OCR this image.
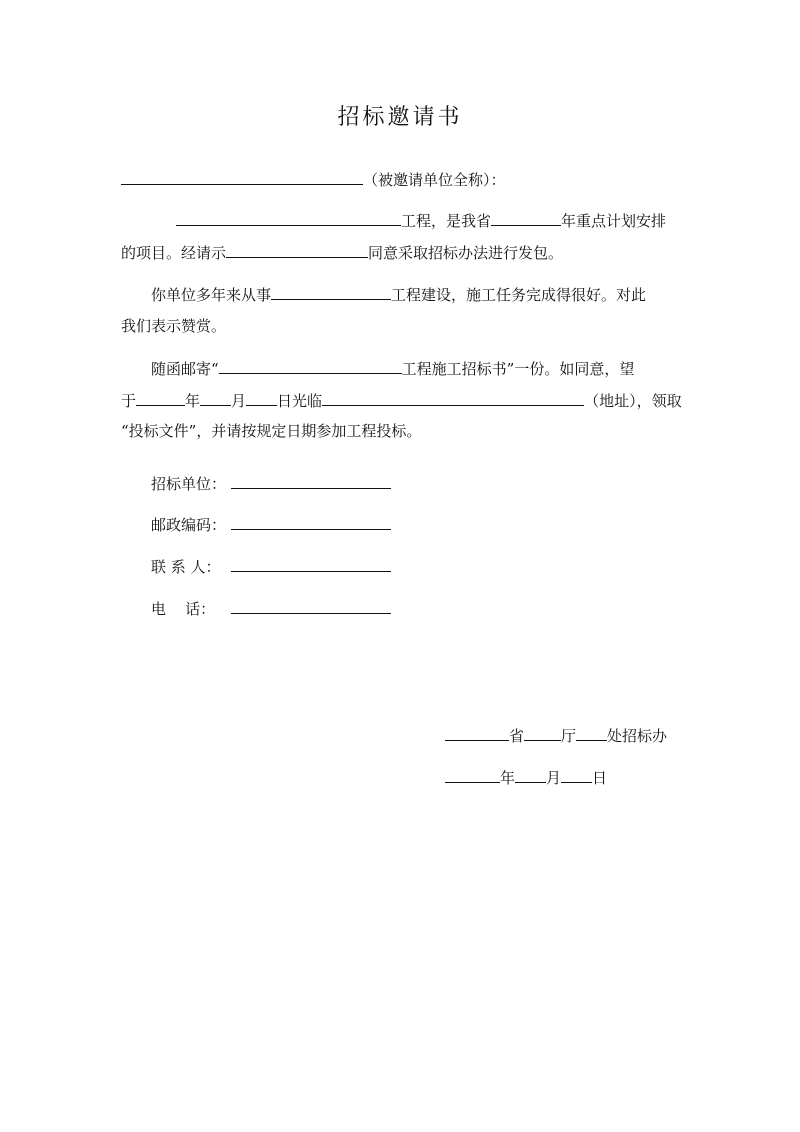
招标邀请书
（被邀请单位全称）：
工程，是我省	年重点计划安排
的项目。经请示	同意采取招标办法进行发包。
你单位多年来从事	工程建设，施工任务完成得很好。对此
我们表示赞赏。
随函邮寄“	工程施工招标书”一份。如同意，望
于	年 月 日光临	（地址），领取
“投标文件”，并请按规定日期参加工程投标。
招标单位：
邮政编码：
联 系 人：
电    话：
省 厅 处招标办
年 月 日
